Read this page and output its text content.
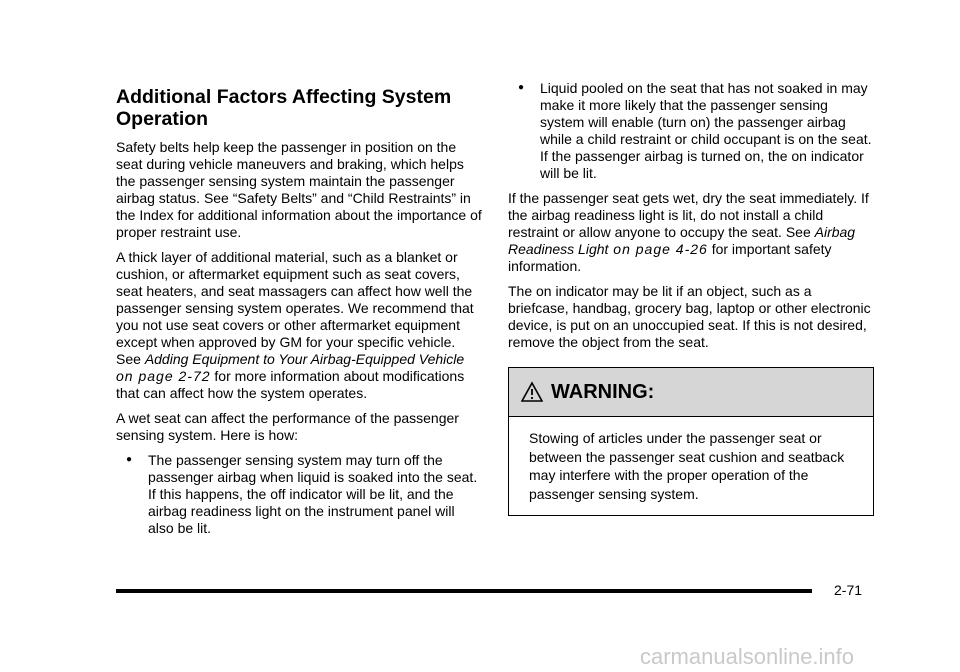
Additional Factors Affecting System Operation

Safety belts help keep the passenger in position on the seat during vehicle maneuvers and braking, which helps the passenger sensing system maintain the passenger airbag status. See “Safety Belts” and “Child Restraints” in the Index for additional information about the importance of proper restraint use.

A thick layer of additional material, such as a blanket or cushion, or aftermarket equipment such as seat covers, seat heaters, and seat massagers can affect how well the passenger sensing system operates. We recommend that you not use seat covers or other aftermarket equipment except when approved by GM for your specific vehicle. See Adding Equipment to Your Airbag-Equipped Vehicle on page 2-72 for more information about modifications that can affect how the system operates.

A wet seat can affect the performance of the passenger sensing system. Here is how:

● The passenger sensing system may turn off the passenger airbag when liquid is soaked into the seat. If this happens, the off indicator will be lit, and the airbag readiness light on the instrument panel will also be lit.
● Liquid pooled on the seat that has not soaked in may make it more likely that the passenger sensing system will enable (turn on) the passenger airbag while a child restraint or child occupant is on the seat. If the passenger airbag is turned on, the on indicator will be lit.

If the passenger seat gets wet, dry the seat immediately. If the airbag readiness light is lit, do not install a child restraint or allow anyone to occupy the seat. See Airbag Readiness Light on page 4-26 for important safety information.

The on indicator may be lit if an object, such as a briefcase, handbag, grocery bag, laptop or other electronic device, is put on an unoccupied seat. If this is not desired, remove the object from the seat.

WARNING:
Stowing of articles under the passenger seat or between the passenger seat cushion and seatback may interfere with the proper operation of the passenger sensing system.
2-71
carmanualsonline.info
